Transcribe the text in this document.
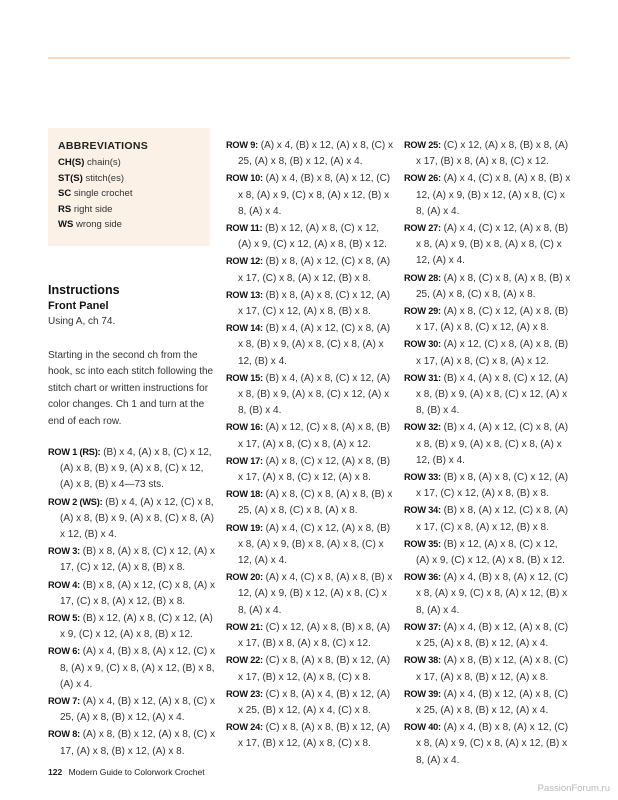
ABBREVIATIONS
CH(S) chain(s)
ST(S) stitch(es)
SC single crochet
RS right side
WS wrong side
Instructions
Front Panel
Using A, ch 74.
Starting in the second ch from the hook, sc into each stitch following the stitch chart or written instructions for color changes. Ch 1 and turn at the end of each row.
ROW 1 (RS): (B) x 4, (A) x 8, (C) x 12, (A) x 8, (B) x 9, (A) x 8, (C) x 12, (A) x 8, (B) x 4—73 sts.
ROW 2 (WS): (B) x 4, (A) x 12, (C) x 8, (A) x 8, (B) x 9, (A) x 8, (C) x 8, (A) x 12, (B) x 4.
ROW 3: (B) x 8, (A) x 8, (C) x 12, (A) x 17, (C) x 12, (A) x 8, (B) x 8.
ROW 4: (B) x 8, (A) x 12, (C) x 8, (A) x 17, (C) x 8, (A) x 12, (B) x 8.
ROW 5: (B) x 12, (A) x 8, (C) x 12, (A) x 9, (C) x 12, (A) x 8, (B) x 12.
ROW 6: (A) x 4, (B) x 8, (A) x 12, (C) x 8, (A) x 9, (C) x 8, (A) x 12, (B) x 8, (A) x 4.
ROW 7: (A) x 4, (B) x 12, (A) x 8, (C) x 25, (A) x 8, (B) x 12, (A) x 4.
ROW 8: (A) x 8, (B) x 12, (A) x 8, (C) x 17, (A) x 8, (B) x 12, (A) x 8.
ROW 9: (A) x 4, (B) x 12, (A) x 8, (C) x 25, (A) x 8, (B) x 12, (A) x 4.
ROW 10: (A) x 4, (B) x 8, (A) x 12, (C) x 8, (A) x 9, (C) x 8, (A) x 12, (B) x 8, (A) x 4.
ROW 11: (B) x 12, (A) x 8, (C) x 12, (A) x 9, (C) x 12, (A) x 8, (B) x 12.
ROW 12: (B) x 8, (A) x 12, (C) x 8, (A) x 17, (C) x 8, (A) x 12, (B) x 8.
ROW 13: (B) x 8, (A) x 8, (C) x 12, (A) x 17, (C) x 12, (A) x 8, (B) x 8.
ROW 14: (B) x 4, (A) x 12, (C) x 8, (A) x 8, (B) x 9, (A) x 8, (C) x 8, (A) x 12, (B) x 4.
ROW 15: (B) x 4, (A) x 8, (C) x 12, (A) x 8, (B) x 9, (A) x 8, (C) x 12, (A) x 8, (B) x 4.
ROW 16: (A) x 12, (C) x 8, (A) x 8, (B) x 17, (A) x 8, (C) x 8, (A) x 12.
ROW 17: (A) x 8, (C) x 12, (A) x 8, (B) x 17, (A) x 8, (C) x 12, (A) x 8.
ROW 18: (A) x 8, (C) x 8, (A) x 8, (B) x 25, (A) x 8, (C) x 8, (A) x 8.
ROW 19: (A) x 4, (C) x 12, (A) x 8, (B) x 8, (A) x 9, (B) x 8, (A) x 8, (C) x 12, (A) x 4.
ROW 20: (A) x 4, (C) x 8, (A) x 8, (B) x 12, (A) x 9, (B) x 12, (A) x 8, (C) x 8, (A) x 4.
ROW 21: (C) x 12, (A) x 8, (B) x 8, (A) x 17, (B) x 8, (A) x 8, (C) x 12.
ROW 22: (C) x 8, (A) x 8, (B) x 12, (A) x 17, (B) x 12, (A) x 8, (C) x 8.
ROW 23: (C) x 8, (A) x 4, (B) x 12, (A) x 25, (B) x 12, (A) x 4, (C) x 8.
ROW 24: (C) x 8, (A) x 8, (B) x 12, (A) x 17, (B) x 12, (A) x 8, (C) x 8.
ROW 25: (C) x 12, (A) x 8, (B) x 8, (A) x 17, (B) x 8, (A) x 8, (C) x 12.
ROW 26: (A) x 4, (C) x 8, (A) x 8, (B) x 12, (A) x 9, (B) x 12, (A) x 8, (C) x 8, (A) x 4.
ROW 27: (A) x 4, (C) x 12, (A) x 8, (B) x 8, (A) x 9, (B) x 8, (A) x 8, (C) x 12, (A) x 4.
ROW 28: (A) x 8, (C) x 8, (A) x 8, (B) x 25, (A) x 8, (C) x 8, (A) x 8.
ROW 29: (A) x 8, (C) x 12, (A) x 8, (B) x 17, (A) x 8, (C) x 12, (A) x 8.
ROW 30: (A) x 12, (C) x 8, (A) x 8, (B) x 17, (A) x 8, (C) x 8, (A) x 12.
ROW 31: (B) x 4, (A) x 8, (C) x 12, (A) x 8, (B) x 9, (A) x 8, (C) x 12, (A) x 8, (B) x 4.
ROW 32: (B) x 4, (A) x 12, (C) x 8, (A) x 8, (B) x 9, (A) x 8, (C) x 8, (A) x 12, (B) x 4.
ROW 33: (B) x 8, (A) x 8, (C) x 12, (A) x 17, (C) x 12, (A) x 8, (B) x 8.
ROW 34: (B) x 8, (A) x 12, (C) x 8, (A) x 17, (C) x 8, (A) x 12, (B) x 8.
ROW 35: (B) x 12, (A) x 8, (C) x 12, (A) x 9, (C) x 12, (A) x 8, (B) x 12.
ROW 36: (A) x 4, (B) x 8, (A) x 12, (C) x 8, (A) x 9, (C) x 8, (A) x 12, (B) x 8, (A) x 4.
ROW 37: (A) x 4, (B) x 12, (A) x 8, (C) x 25, (A) x 8, (B) x 12, (A) x 4.
ROW 38: (A) x 8, (B) x 12, (A) x 8, (C) x 17, (A) x 8, (B) x 12, (A) x 8.
ROW 39: (A) x 4, (B) x 12, (A) x 8, (C) x 25, (A) x 8, (B) x 12, (A) x 4.
ROW 40: (A) x 4, (B) x 8, (A) x 12, (C) x 8, (A) x 9, (C) x 8, (A) x 12, (B) x 8, (A) x 4.
122 Modern Guide to Colorwork Crochet
PassionForum.ru
